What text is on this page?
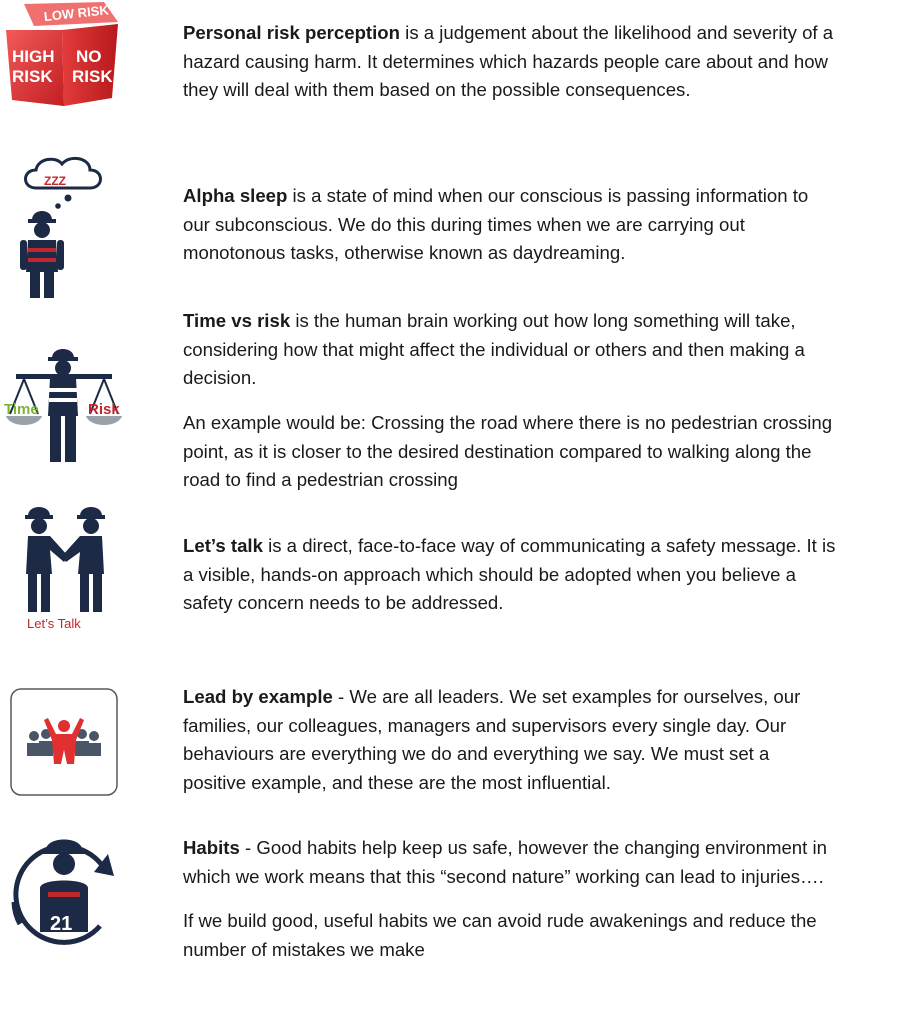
LOW RISK
HIGH
RISK
NO
RISK
ZZZ
Time	Risk
Let’s Talk
21

Personal risk perception is a judgement about the likelihood and severity of a
hazard causing harm. It determines which hazards people care about and how
they will deal with them based on the possible consequences.

Alpha sleep is a state of mind when our conscious is passing information to
our subconscious. We do this during times when we are carrying out
monotonous tasks, otherwise known as daydreaming.

Time vs risk is the human brain working out how long something will take,
considering how that might affect the individual or others and then making a
decision.

An example would be: Crossing the road where there is no pedestrian crossing
point, as it is closer to the desired destination compared to walking along the
road to find a pedestrian crossing

Let’s talk is a direct, face-to-face way of communicating a safety message. It is
a visible, hands-on approach which should be adopted when you believe a
safety concern needs to be addressed.

Lead by example - We are all leaders. We set examples for ourselves, our
families, our colleagues, managers and supervisors every single day. Our
behaviours are everything we do and everything we say. We must set a
positive example, and these are the most influential.

Habits - Good habits help keep us safe, however the changing environment in
which we work means that this “second nature” working can lead to injuries….

If we build good, useful habits we can avoid rude awakenings and reduce the
number of mistakes we make
